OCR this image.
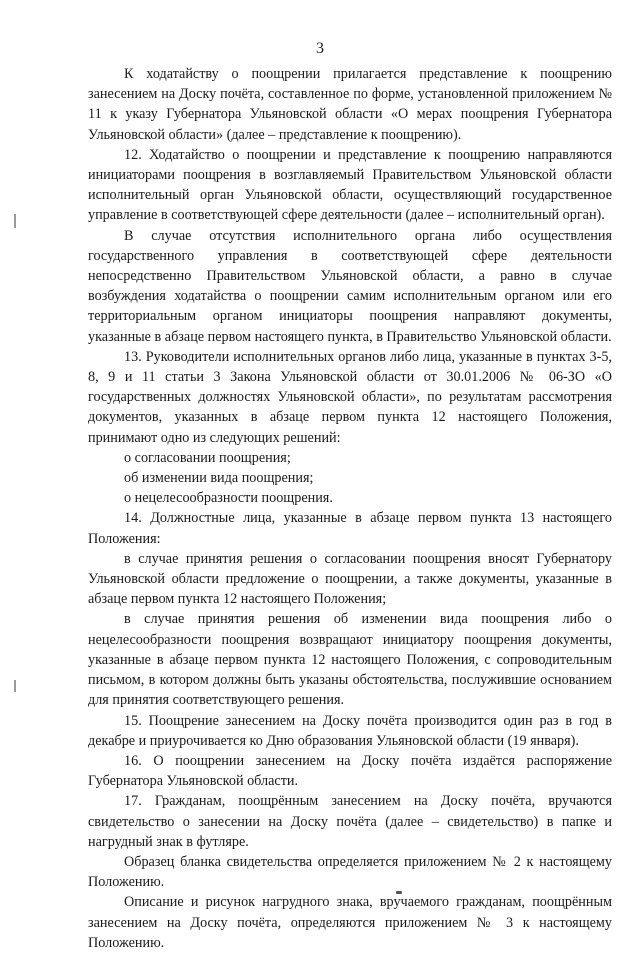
3

К ходатайству о поощрении прилагается представление к поощрению занесением на Доску почёта, составленное по форме, установленной приложением № 11 к указу Губернатора Ульяновской области «О мерах поощрения Губернатора Ульяновской области» (далее – представление к поощрению).

12. Ходатайство о поощрении и представление к поощрению направляются инициаторами поощрения в возглавляемый Правительством Ульяновской области исполнительный орган Ульяновской области, осуществляющий государственное управление в соответствующей сфере деятельности (далее – исполнительный орган).

В случае отсутствия исполнительного органа либо осуществления государственного управления в соответствующей сфере деятельности непосредственно Правительством Ульяновской области, а равно в случае возбуждения ходатайства о поощрении самим исполнительным органом или его территориальным органом инициаторы поощрения направляют документы, указанные в абзаце первом настоящего пункта, в Правительство Ульяновской области.

13. Руководители исполнительных органов либо лица, указанные в пунктах 3-5, 8, 9 и 11 статьи 3 Закона Ульяновской области от 30.01.2006 № 06-ЗО «О государственных должностях Ульяновской области», по результатам рассмотрения документов, указанных в абзаце первом пункта 12 настоящего Положения, принимают одно из следующих решений:

о согласовании поощрения;

об изменении вида поощрения;

о нецелесообразности поощрения.

14. Должностные лица, указанные в абзаце первом пункта 13 настоящего Положения:

в случае принятия решения о согласовании поощрения вносят Губернатору Ульяновской области предложение о поощрении, а также документы, указанные в абзаце первом пункта 12 настоящего Положения;

в случае принятия решения об изменении вида поощрения либо о нецелесообразности поощрения возвращают инициатору поощрения документы, указанные в абзаце первом пункта 12 настоящего Положения, с сопроводительным письмом, в котором должны быть указаны обстоятельства, послужившие основанием для принятия соответствующего решения.

15. Поощрение занесением на Доску почёта производится один раз в год в декабре и приурочивается ко Дню образования Ульяновской области (19 января).

16. О поощрении занесением на Доску почёта издаётся распоряжение Губернатора Ульяновской области.

17. Гражданам, поощрённым занесением на Доску почёта, вручаются свидетельство о занесении на Доску почёта (далее – свидетельство) в папке и нагрудный знак в футляре.

Образец бланка свидетельства определяется приложением № 2 к настоящему Положению.

Описание и рисунок нагрудного знака, вручаемого гражданам, поощрённым занесением на Доску почёта, определяются приложением № 3 к настоящему Положению.
